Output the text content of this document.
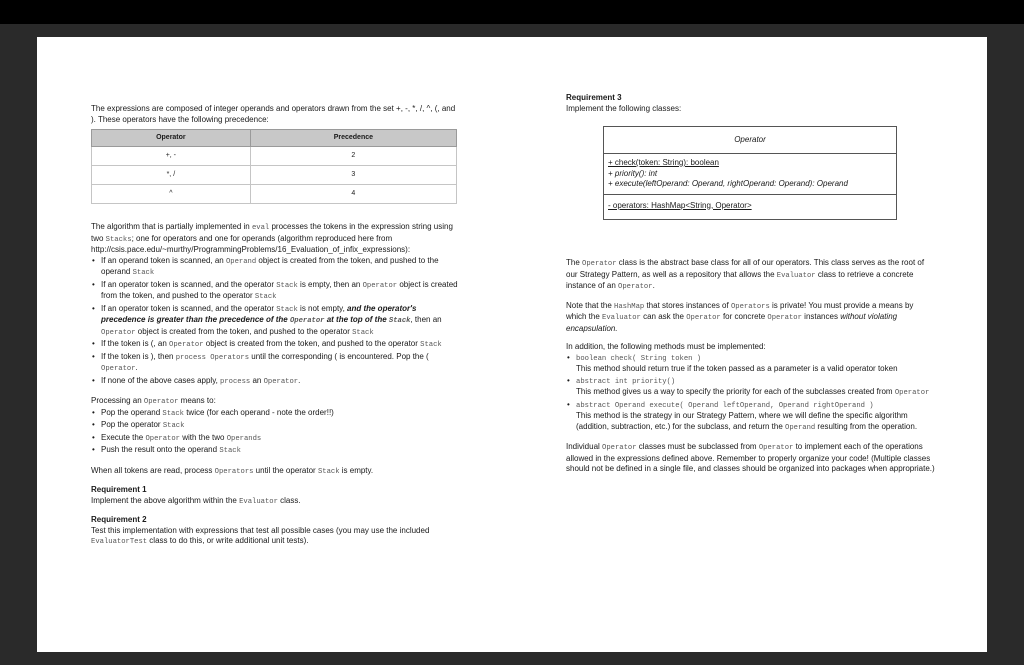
The expressions are composed of integer operands and operators drawn from the set +, -, *, /, ^, (, and ). These operators have the following precedence:

Operator	Precedence
+, -	2
*, /	3
^	4

The algorithm that is partially implemented in eval processes the tokens in the expression string using two Stacks; one for operators and one for operands (algorithm reproduced here from http://csis.pace.edu/~murthy/ProgrammingProblems/16_Evaluation_of_infix_expressions):

• If an operand token is scanned, an Operand object is created from the token, and pushed to the operand Stack
• If an operator token is scanned, and the operator Stack is empty, then an Operator object is created from the token, and pushed to the operator Stack
• If an operator token is scanned, and the operator Stack is not empty, and the operator's precedence is greater than the precedence of the Operator at the top of the Stack, then an Operator object is created from the token, and pushed to the operator Stack
• If the token is (, an Operator object is created from the token, and pushed to the operator Stack
• If the token is ), then process Operators until the corresponding ( is encountered. Pop the ( Operator.
• If none of the above cases apply, process an Operator.

Processing an Operator means to:

• Pop the operand Stack twice (for each operand - note the order!!)
• Pop the operator Stack
• Execute the Operator with the two Operands
• Push the result onto the operand Stack

When all tokens are read, process Operators until the operator Stack is empty.

Requirement 1

Implement the above algorithm within the Evaluator class.

Requirement 2

Test this implementation with expressions that test all possible cases (you may use the included EvaluatorTest class to do this, or write additional unit tests).

Requirement 3

Implement the following classes:

Operator

+ check(token: String): boolean

+ priority(): int

+ execute(leftOperand: Operand, rightOperand: Operand): Operand

- operators: HashMap<String, Operator>

The Operator class is the abstract base class for all of our operators. This class serves as the root of our Strategy Pattern, as well as a repository that allows the Evaluator class to retrieve a concrete instance of an Operator.

Note that the HashMap that stores instances of Operators is private! You must provide a means by which the Evaluator can ask the Operator for concrete Operator instances without violating encapsulation.

In addition, the following methods must be implemented:

• boolean check( String token )
This method should return true if the token passed as a parameter is a valid operator token
• abstract int priority()
This method gives us a way to specify the priority for each of the subclasses created from Operator
• abstract Operand execute( Operand leftOperand, Operand rightOperand )
This method is the strategy in our Strategy Pattern, where we will define the specific algorithm (addition, subtraction, etc.) for the subclass, and return the Operand resulting from the operation.

Individual Operator classes must be subclassed from Operator to implement each of the operations allowed in the expressions defined above. Remember to properly organize your code! (Multiple classes should not be defined in a single file, and classes should be organized into packages when appropriate.)
